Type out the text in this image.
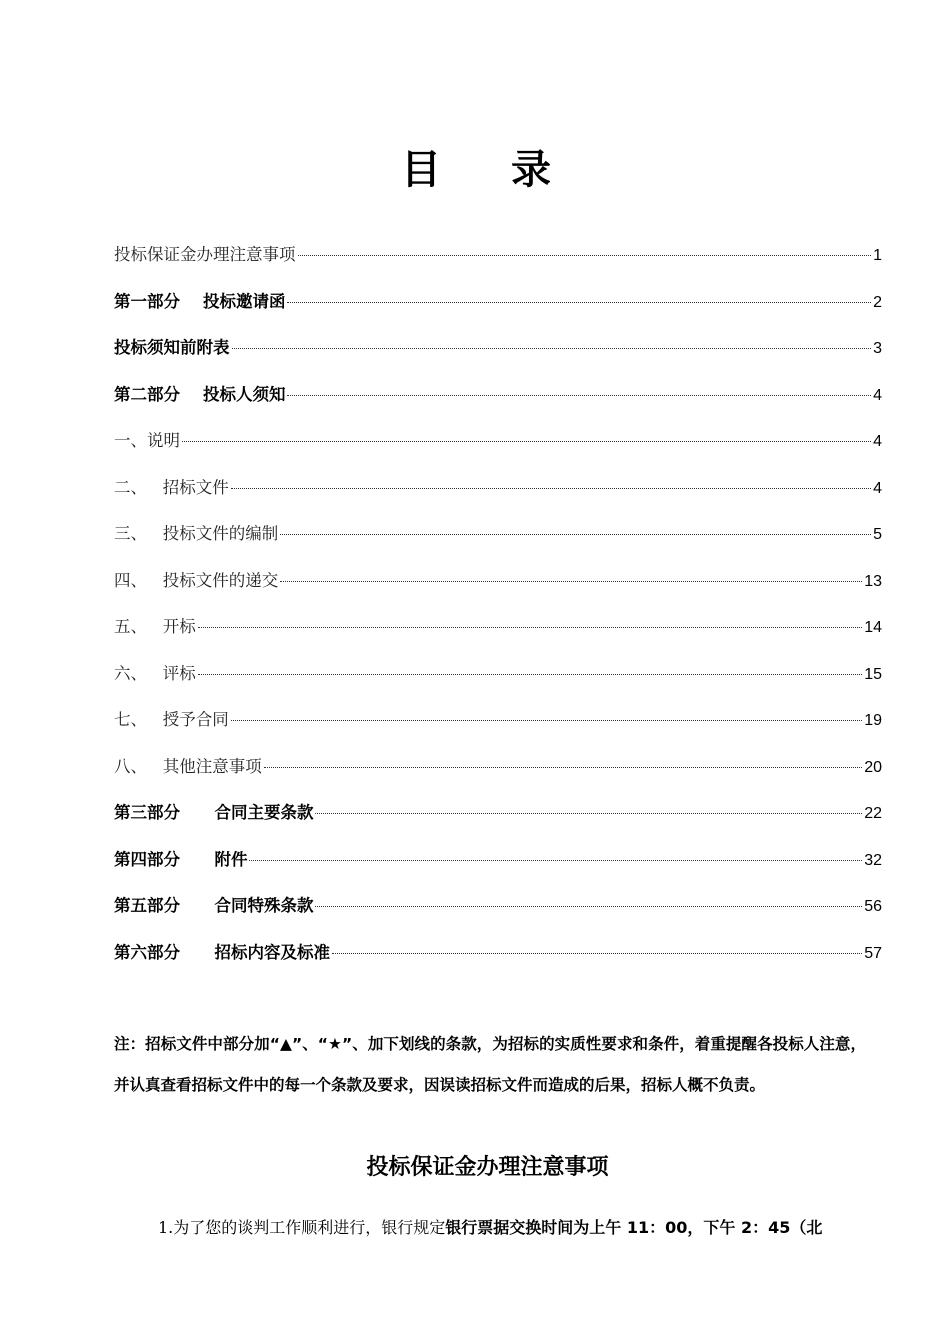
目 录
投标保证金办理注意事项	1
第一部分    投标邀请函	2
投标须知前附表	3
第二部分    投标人须知	4
一、说明	4
二、   招标文件	4
三、   投标文件的编制	5
四、   投标文件的递交	13
五、   开标	14
六、   评标	15
七、   授予合同	19
八、   其他注意事项	20
第三部分      合同主要条款	22
第四部分      附件	32
第五部分      合同特殊条款	56
第六部分      招标内容及标准	57
注：招标文件中部分加“▲”、“★”、加下划线的条款，为招标的实质性要求和条件，着重提醒各投标人注意，并认真查看招标文件中的每一个条款及要求，因误读招标文件而造成的后果，招标人概不负责。
投标保证金办理注意事项
1.为了您的谈判工作顺利进行，银行规定银行票据交换时间为上午 11：00，下午 2：45（北
